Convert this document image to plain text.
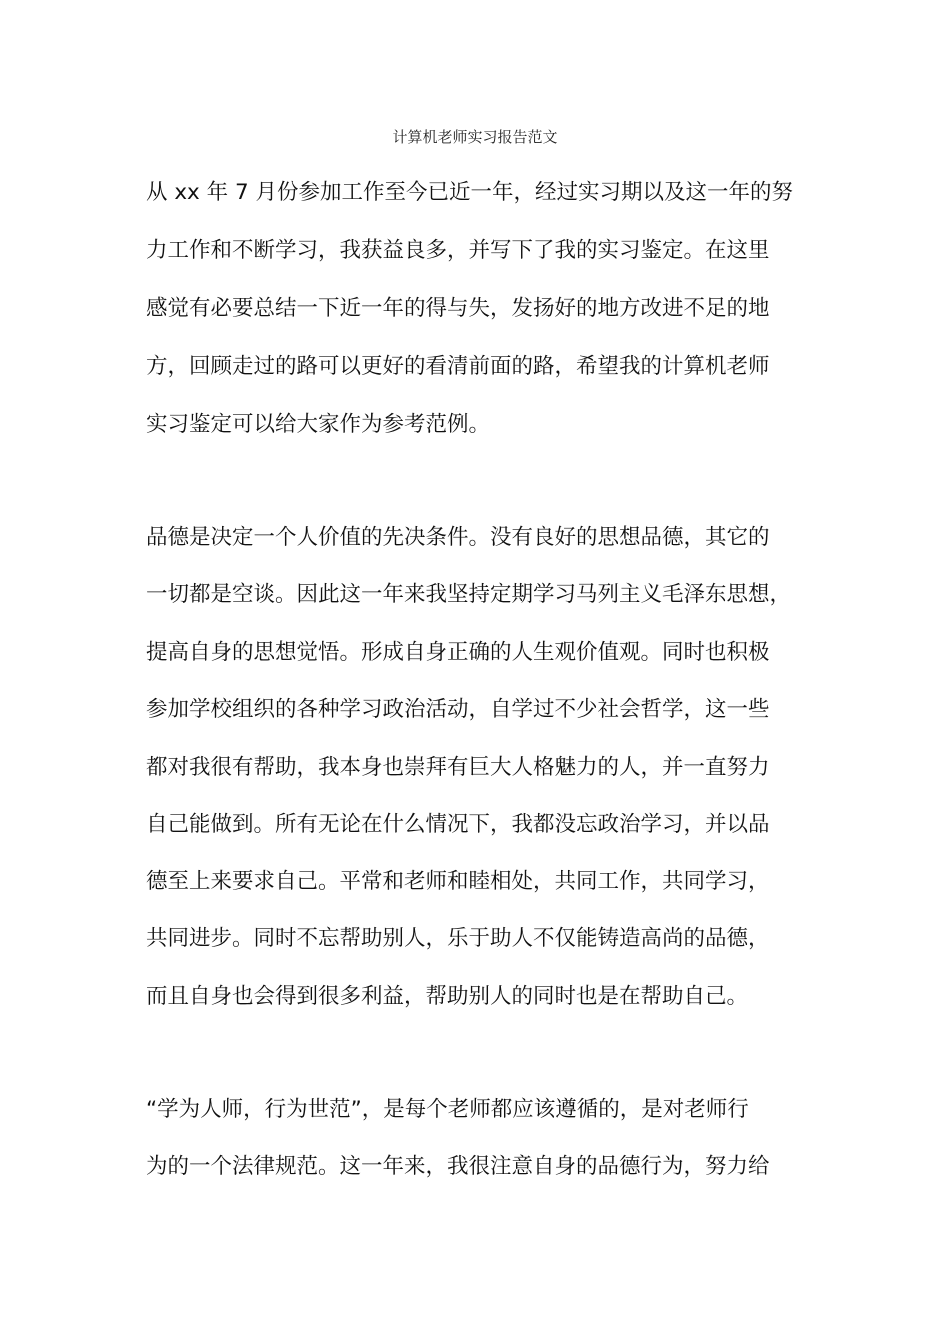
计算机老师实习报告范文
从 xx 年 7 月份参加工作至今已近一年，经过实习期以及这一年的努
力工作和不断学习，我获益良多，并写下了我的实习鉴定。在这里
感觉有必要总结一下近一年的得与失，发扬好的地方改进不足的地
方，回顾走过的路可以更好的看清前面的路，希望我的计算机老师
实习鉴定可以给大家作为参考范例。
品德是决定一个人价值的先决条件。没有良好的思想品德，其它的
一切都是空谈。因此这一年来我坚持定期学习马列主义毛泽东思想，
提高自身的思想觉悟。形成自身正确的人生观价值观。同时也积极
参加学校组织的各种学习政治活动，自学过不少社会哲学，这一些
都对我很有帮助，我本身也崇拜有巨大人格魅力的人，并一直努力
自己能做到。所有无论在什么情况下，我都没忘政治学习，并以品
德至上来要求自己。平常和老师和睦相处，共同工作，共同学习，
共同进步。同时不忘帮助别人，乐于助人不仅能铸造高尚的品德，
而且自身也会得到很多利益，帮助别人的同时也是在帮助自己。
“学为人师，行为世范”，是每个老师都应该遵循的，是对老师行
为的一个法律规范。这一年来，我很注意自身的品德行为，努力给
